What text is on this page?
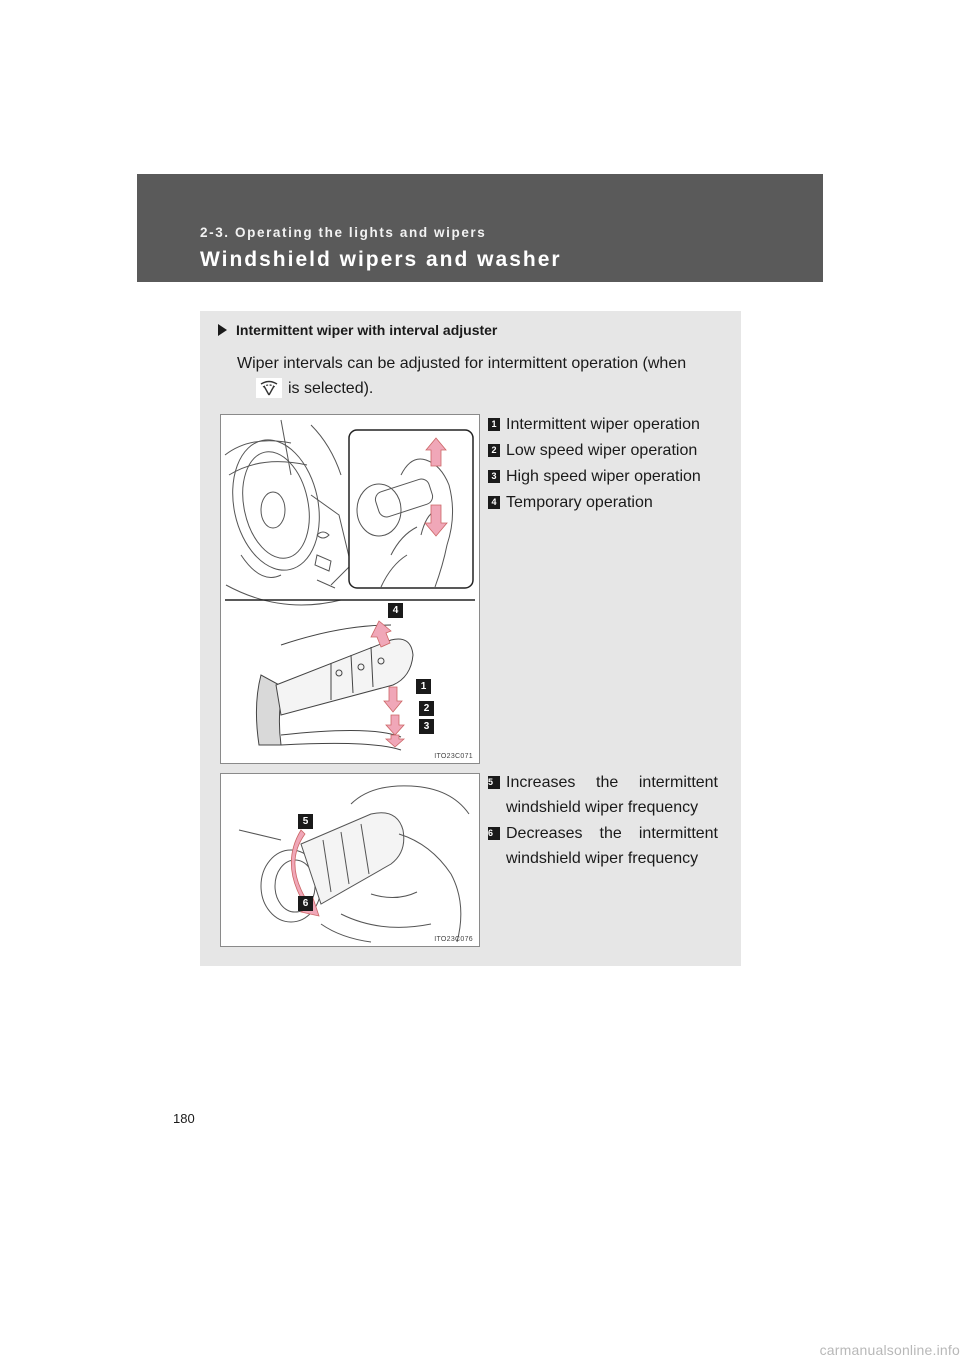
2-3. Operating the lights and wipers
Windshield wipers and washer
Intermittent wiper with interval adjuster
Wiper intervals can be adjusted for intermittent operation (when
is selected).
4
1
2
3
ITO23C071
5
6
ITO23C076
1 Intermittent wiper operation
2 Low speed wiper operation
3 High speed wiper operation
4 Temporary operation
5 Increases the intermittent
windshield wiper frequency
6 Decreases the intermittent
windshield wiper frequency
180
carmanualsonline.info
